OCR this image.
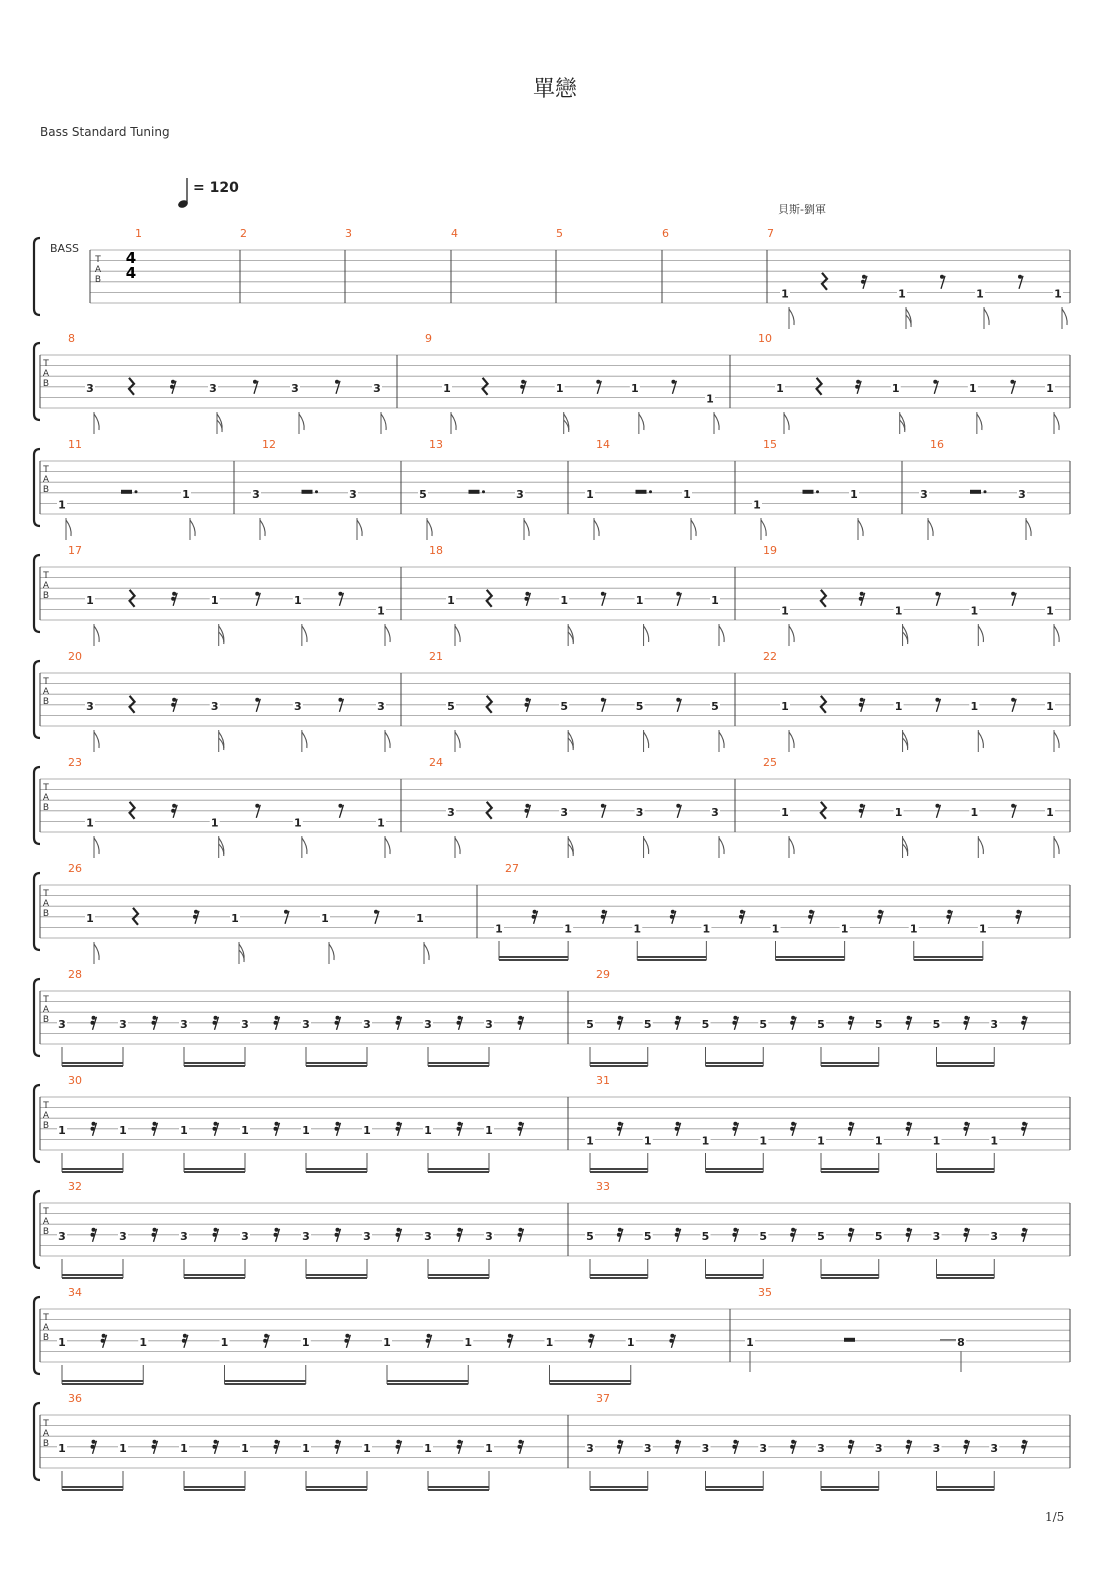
單戀
Bass Standard Tuning
= 120
貝斯-劉軍
1/5
BASS
T
A
B
4
4
1	2	3	4	5	6	7
1	1	1	1
T
A
B
8
3	3	3	3
9
1	1	1
1
10
1	1	1	1
T
A
B
11
1
1
12
3	3
13
5	3
14
1	1
15
1
1
16
3	3
T
A
B
17
1	1	1
1
18
1	1	1	1
19
1	1	1	1
T
A
B
20
3	3	3	3
21
5	5	5	5
22
1	1	1	1
T
A
B
23
1	1	1	1
24
3	3	3	3
25
1	1	1	1
T
A
B
26
1	1	1	1
27
1	1	1	1	1	1	1	1
T
A
B
28
3	3	3	3	3	3	3	3
29
5	5	5	5	5	5	5	3
T
A
B
30
1	1	1	1	1	1	1	1
31
1	1	1	1	1	1	1	1
T
A
B
32
3	3	3	3	3	3	3	3
33
5	5	5	5	5	5	3	3
T
A
B
34
1	1	1	1	1	1	1	1
35
1	8
T
A
B
36
1	1	1	1	1	1	1	1
37
3	3	3	3	3	3	3	3
